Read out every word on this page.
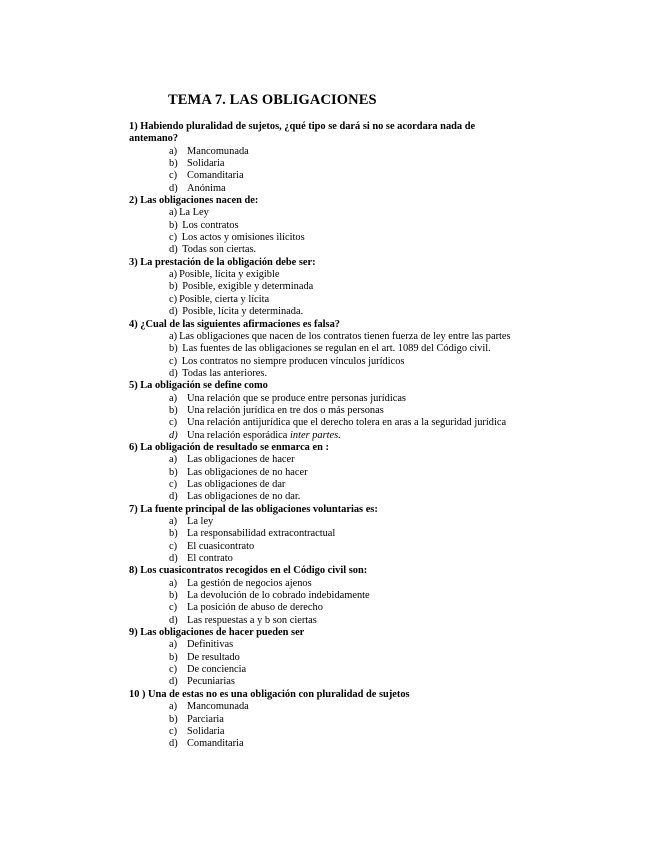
TEMA 7. LAS OBLIGACIONES
1) Habiendo pluralidad de sujetos, ¿qué tipo se dará si no se acordara nada de antemano?
a) Mancomunada
b) Solidaria
c) Comanditaria
d) Anónima
2) Las obligaciones nacen de:
a) La Ley
b) Los contratos
c) Los actos y omisiones ilícitos
d) Todas son ciertas.
3) La prestación de la obligación debe ser:
a) Posible, lícita y exigible
b) Posible, exigible y determinada
c) Posible, cierta y lícita
d) Posible, lícita y determinada.
4) ¿Cual de las siguientes afirmaciones es falsa?
a) Las obligaciones que nacen de los contratos tienen fuerza de ley entre las partes
b) Las fuentes de las obligaciones se regulan en el art. 1089 del Código civil.
c) Los contratos no siempre producen vínculos jurídicos
d) Todas las anteriores.
5) La obligación se define como
a) Una relación que se produce entre personas jurídicas
b) Una relación jurídica en tre dos o más personas
c) Una relación antijurídica que el derecho tolera en aras a la seguridad jurídica
d) Una relación esporádica inter partes.
6) La obligación de resultado se enmarca en :
a) Las obligaciones de hacer
b) Las obligaciones de no hacer
c) Las obligaciones de dar
d) Las obligaciones de no dar.
7) La fuente principal de las obligaciones voluntarias es:
a) La ley
b) La responsabilidad extracontractual
c) El cuasicontrato
d) El contrato
8) Los cuasicontratos recogidos en el Código civil son:
a) La gestión de negocios ajenos
b) La devolución de lo cobrado indebidamente
c) La posición de abuso de derecho
d) Las respuestas a y b son ciertas
9) Las obligaciones de hacer pueden ser
a) Definitivas
b) De resultado
c) De conciencia
d) Pecuniarias
10 ) Una de estas no es una obligación con pluralidad de sujetos
a) Mancomunada
b) Parciaria
c) Solidaria
d) Comanditaria
